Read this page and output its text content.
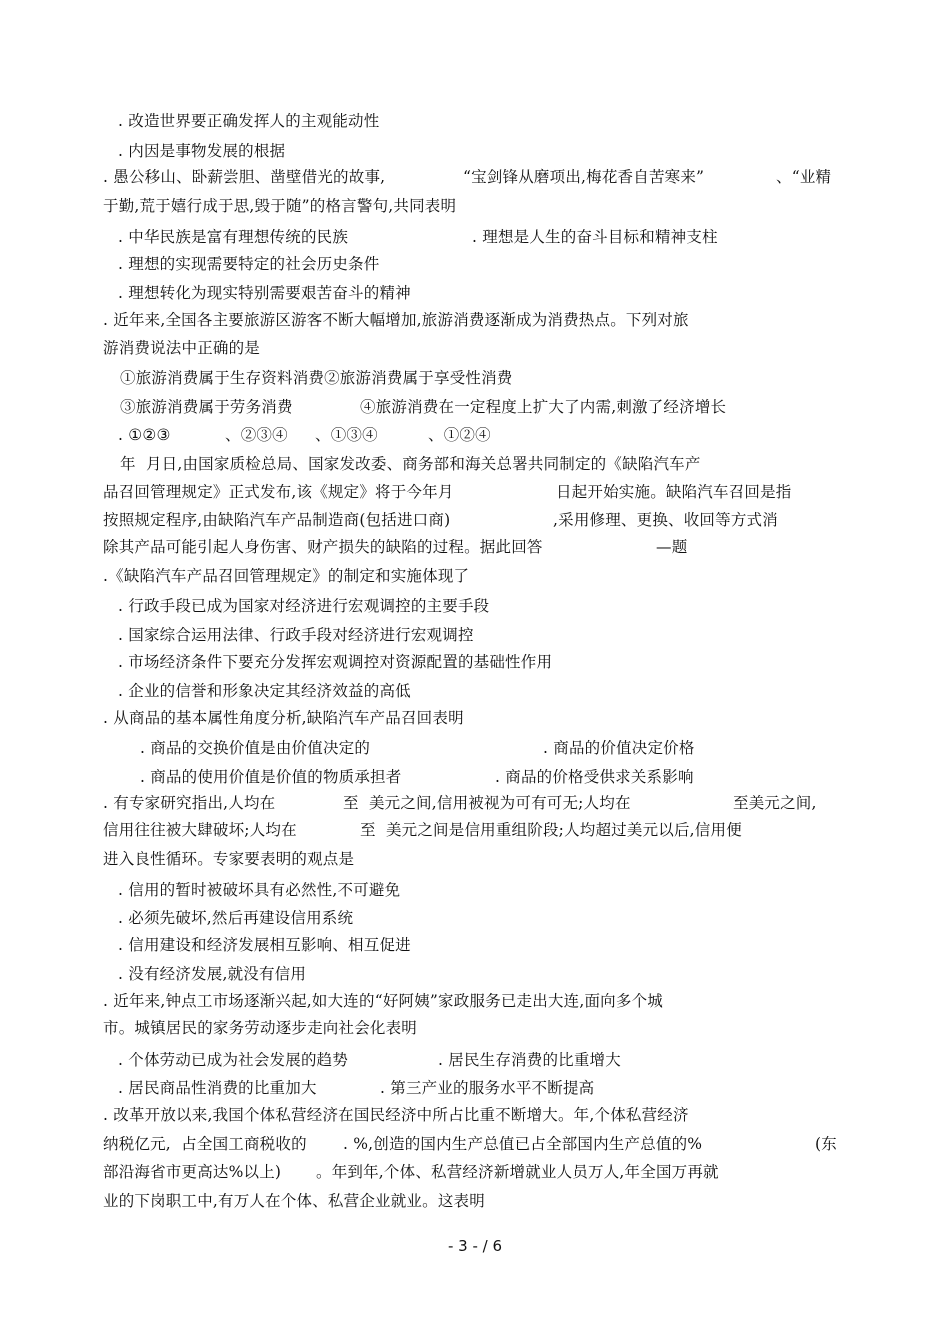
. 改造世界要正确发挥人的主观能动性
. 内因是事物发展的根据
. 愚公移山、卧薪尝胆、凿壁借光的故事,	“宝剑锋从磨项出,梅花香自苦寒来”	、“业精
于勤,荒于嬉行成于思,毁于随”的格言警句,共同表明
. 中华民族是富有理想传统的民族	. 理想是人生的奋斗目标和精神支柱
. 理想的实现需要特定的社会历史条件
. 理想转化为现实特别需要艰苦奋斗的精神
. 近年来,全国各主要旅游区游客不断大幅增加,旅游消费逐渐成为消费热点。下列对旅
游消费说法中正确的是
①旅游消费属于生存资料消费②旅游消费属于享受性消费
③旅游消费属于劳务消费	④旅游消费在一定程度上扩大了内需,刺激了经济增长
. ①②③	、②③④ 、①③④	、①②④
年  月日,由国家质检总局、国家发改委、商务部和海关总署共同制定的《缺陷汽车产
品召回管理规定》正式发布,该《规定》将于今年月	日起开始实施。缺陷汽车召回是指
按照规定程序,由缺陷汽车产品制造商(包括进口商)	,采用修理、更换、收回等方式消
除其产品可能引起人身伤害、财产损失的缺陷的过程。据此回答	—题
.《缺陷汽车产品召回管理规定》的制定和实施体现了
. 行政手段已成为国家对经济进行宏观调控的主要手段
. 国家综合运用法律、行政手段对经济进行宏观调控
. 市场经济条件下要充分发挥宏观调控对资源配置的基础性作用
. 企业的信誉和形象决定其经济效益的高低
. 从商品的基本属性角度分析,缺陷汽车产品召回表明
. 商品的交换价值是由价值决定的	. 商品的价值决定价格
. 商品的使用价值是价值的物质承担者	. 商品的价格受供求关系影响
. 有专家研究指出,人均在	至  美元之间,信用被视为可有可无;人均在	至美元之间,
信用往往被大肆破坏;人均在	至  美元之间是信用重组阶段;人均超过美元以后,信用便
进入良性循环。专家要表明的观点是
. 信用的暂时被破坏具有必然性,不可避免
. 必须先破坏,然后再建设信用系统
. 信用建设和经济发展相互影响、相互促进
. 没有经济发展,就没有信用
. 近年来,钟点工市场逐渐兴起,如大连的“好阿姨”家政服务已走出大连,面向多个城
市。城镇居民的家务劳动逐步走向社会化表明
. 个体劳动已成为社会发展的趋势	. 居民生存消费的比重增大
. 居民商品性消费的比重加大	. 第三产业的服务水平不断提高
. 改革开放以来,我国个体私营经济在国民经济中所占比重不断增大。年,个体私营经济
纳税亿元,  占全国工商税收的 . %,创造的国内生产总值已占全部国内生产总值的%	(东
部沿海省市更高达%以上) 。年到年,个体、私营经济新增就业人员万人,年全国万再就
业的下岗职工中,有万人在个体、私营企业就业。这表明
- 3 - / 6
